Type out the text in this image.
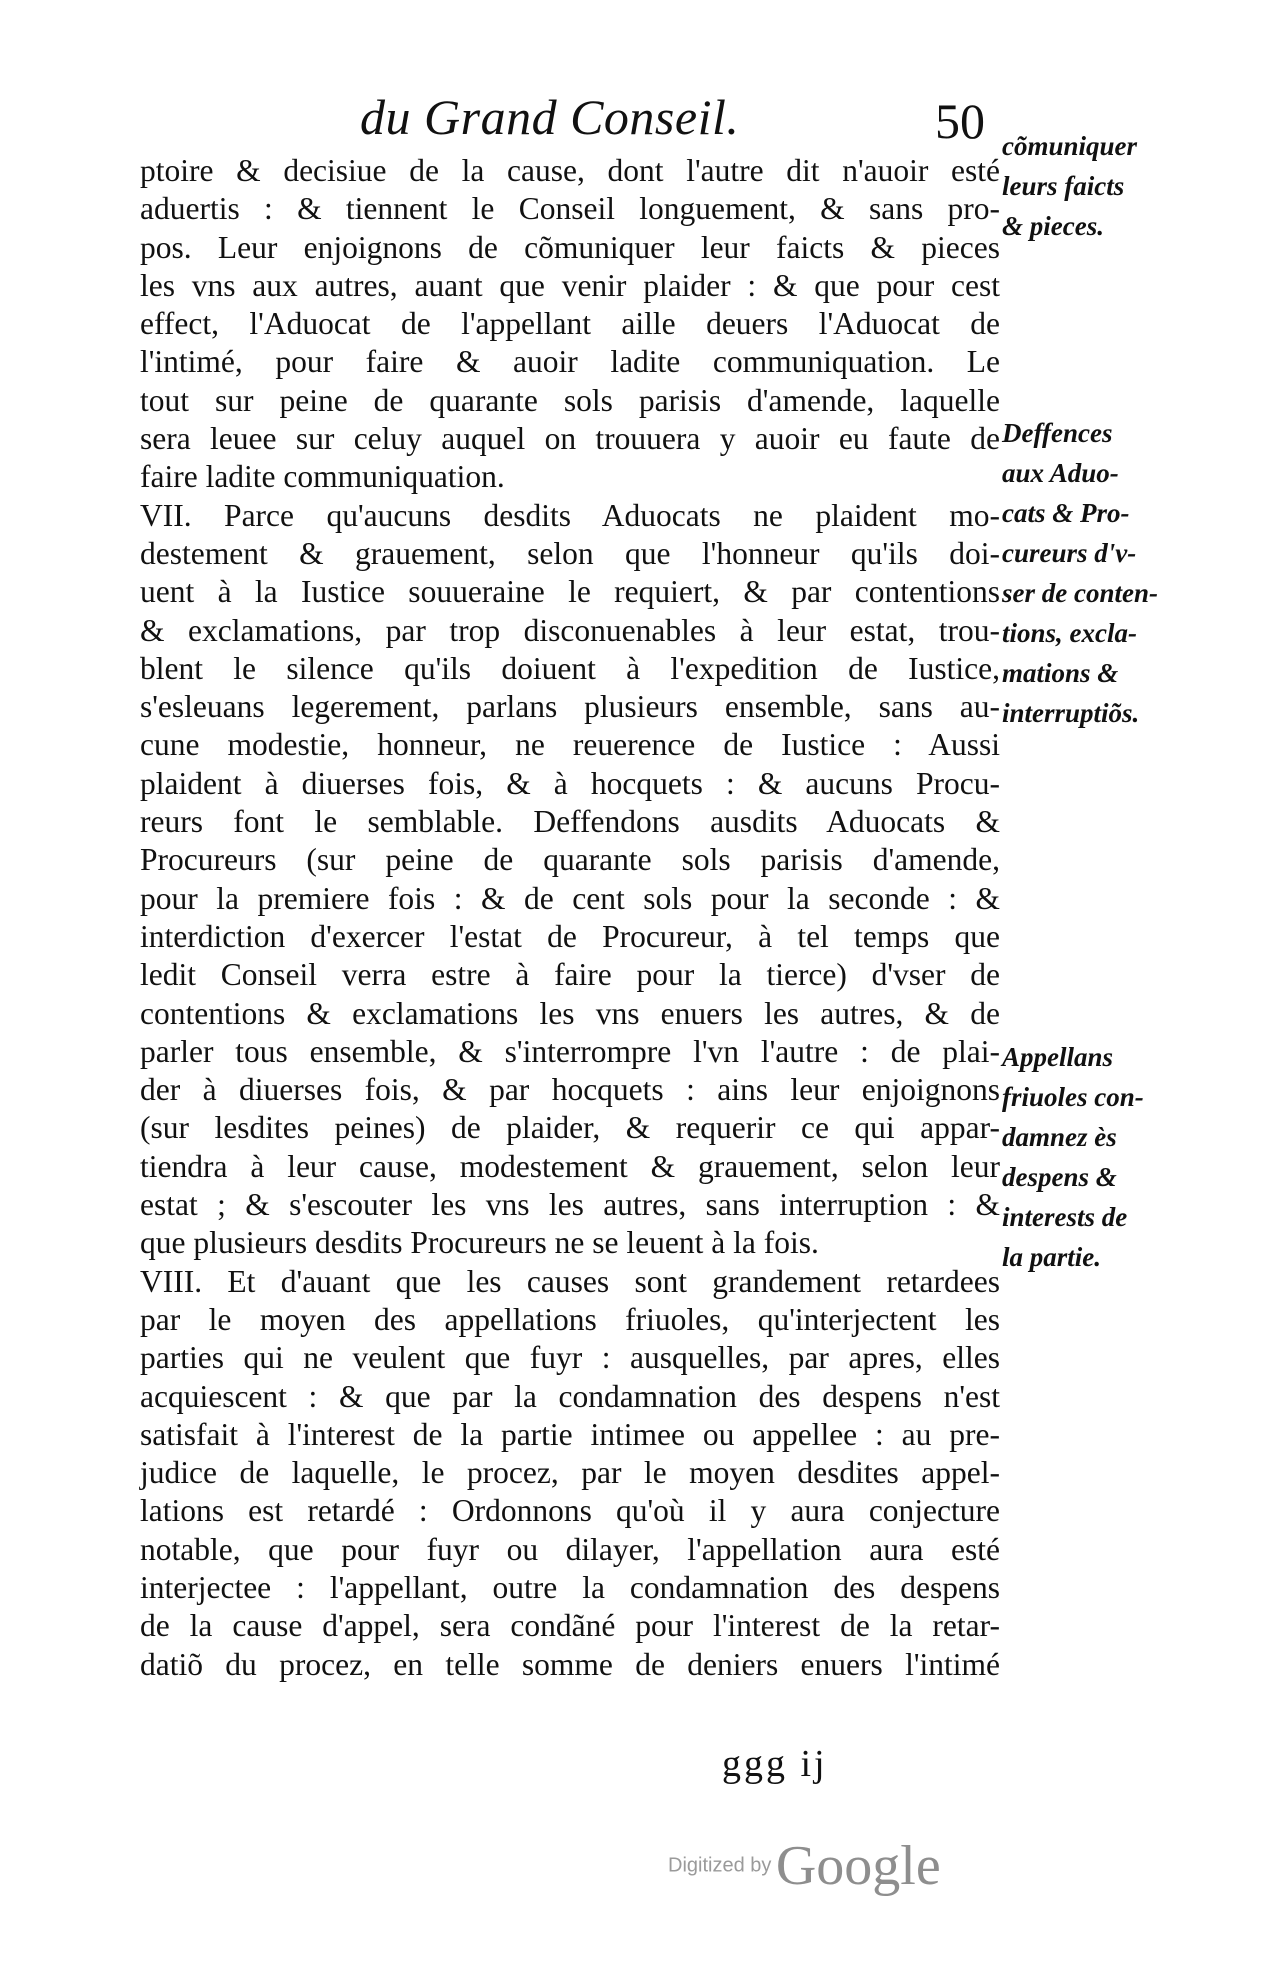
du Grand Conseil.	50
ptoire & decisiue de la cause, dont l'autre dit n'auoir esté
aduertis : & tiennent le Conseil longuement, & sans pro-
pos. Leur enjoignons de cõmuniquer leur faicts & pieces
les vns aux autres, auant que venir plaider : & que pour cest
effect, l'Aduocat de l'appellant aille deuers l'Aduocat de
l'intimé, pour faire & auoir ladite communiquation. Le
tout sur peine de quarante sols parisis d'amende, laquelle
sera leuee sur celuy auquel on trouuera y auoir eu faute de
faire ladite communiquation.
VII. Parce qu'aucuns desdits Aduocats ne plaident mo-
destement & grauement, selon que l'honneur qu'ils doi-
uent à la Iustice souueraine le requiert, & par contentions
& exclamations, par trop disconuenables à leur estat, trou-
blent le silence qu'ils doiuent à l'expedition de Iustice,
s'esleuans legerement, parlans plusieurs ensemble, sans au-
cune modestie, honneur, ne reuerence de Iustice : Aussi
plaident à diuerses fois, & à hocquets : & aucuns Procu-
reurs font le semblable. Deffendons ausdits Aduocats &
Procureurs (sur peine de quarante sols parisis d'amende,
pour la premiere fois : & de cent sols pour la seconde : &
interdiction d'exercer l'estat de Procureur, à tel temps que
ledit Conseil verra estre à faire pour la tierce) d'vser de
contentions & exclamations les vns enuers les autres, & de
parler tous ensemble, & s'interrompre l'vn l'autre : de plai-
der à diuerses fois, & par hocquets : ains leur enjoignons
(sur lesdites peines) de plaider, & requerir ce qui appar-
tiendra à leur cause, modestement & grauement, selon leur
estat ; & s'escouter les vns les autres, sans interruption : &
que plusieurs desdits Procureurs ne se leuent à la fois.
VIII. Et d'auant que les causes sont grandement retardees
par le moyen des appellations friuoles, qu'interjectent les
parties qui ne veulent que fuyr : ausquelles, par apres, elles
acquiescent : & que par la condamnation des despens n'est
satisfait à l'interest de la partie intimee ou appellee : au pre-
judice de laquelle, le procez, par le moyen desdites appel-
lations est retardé : Ordonnons qu'où il y aura conjecture
notable, que pour fuyr ou dilayer, l'appellation aura esté
interjectee : l'appellant, outre la condamnation des despens
de la cause d'appel, sera condãné pour l'interest de la retar-
datiõ du procez, en telle somme de deniers enuers l'intimé
cõmuniquer
leurs faicts
& pieces.
Deffences
aux Aduo-
cats & Pro-
cureurs d'v-
ser de conten-
tions, excla-
mations &
interruptiõs.
Appellans
friuoles con-
damnez ès
despens &
interests de
la partie.
ggg ij
Digitized by Google
